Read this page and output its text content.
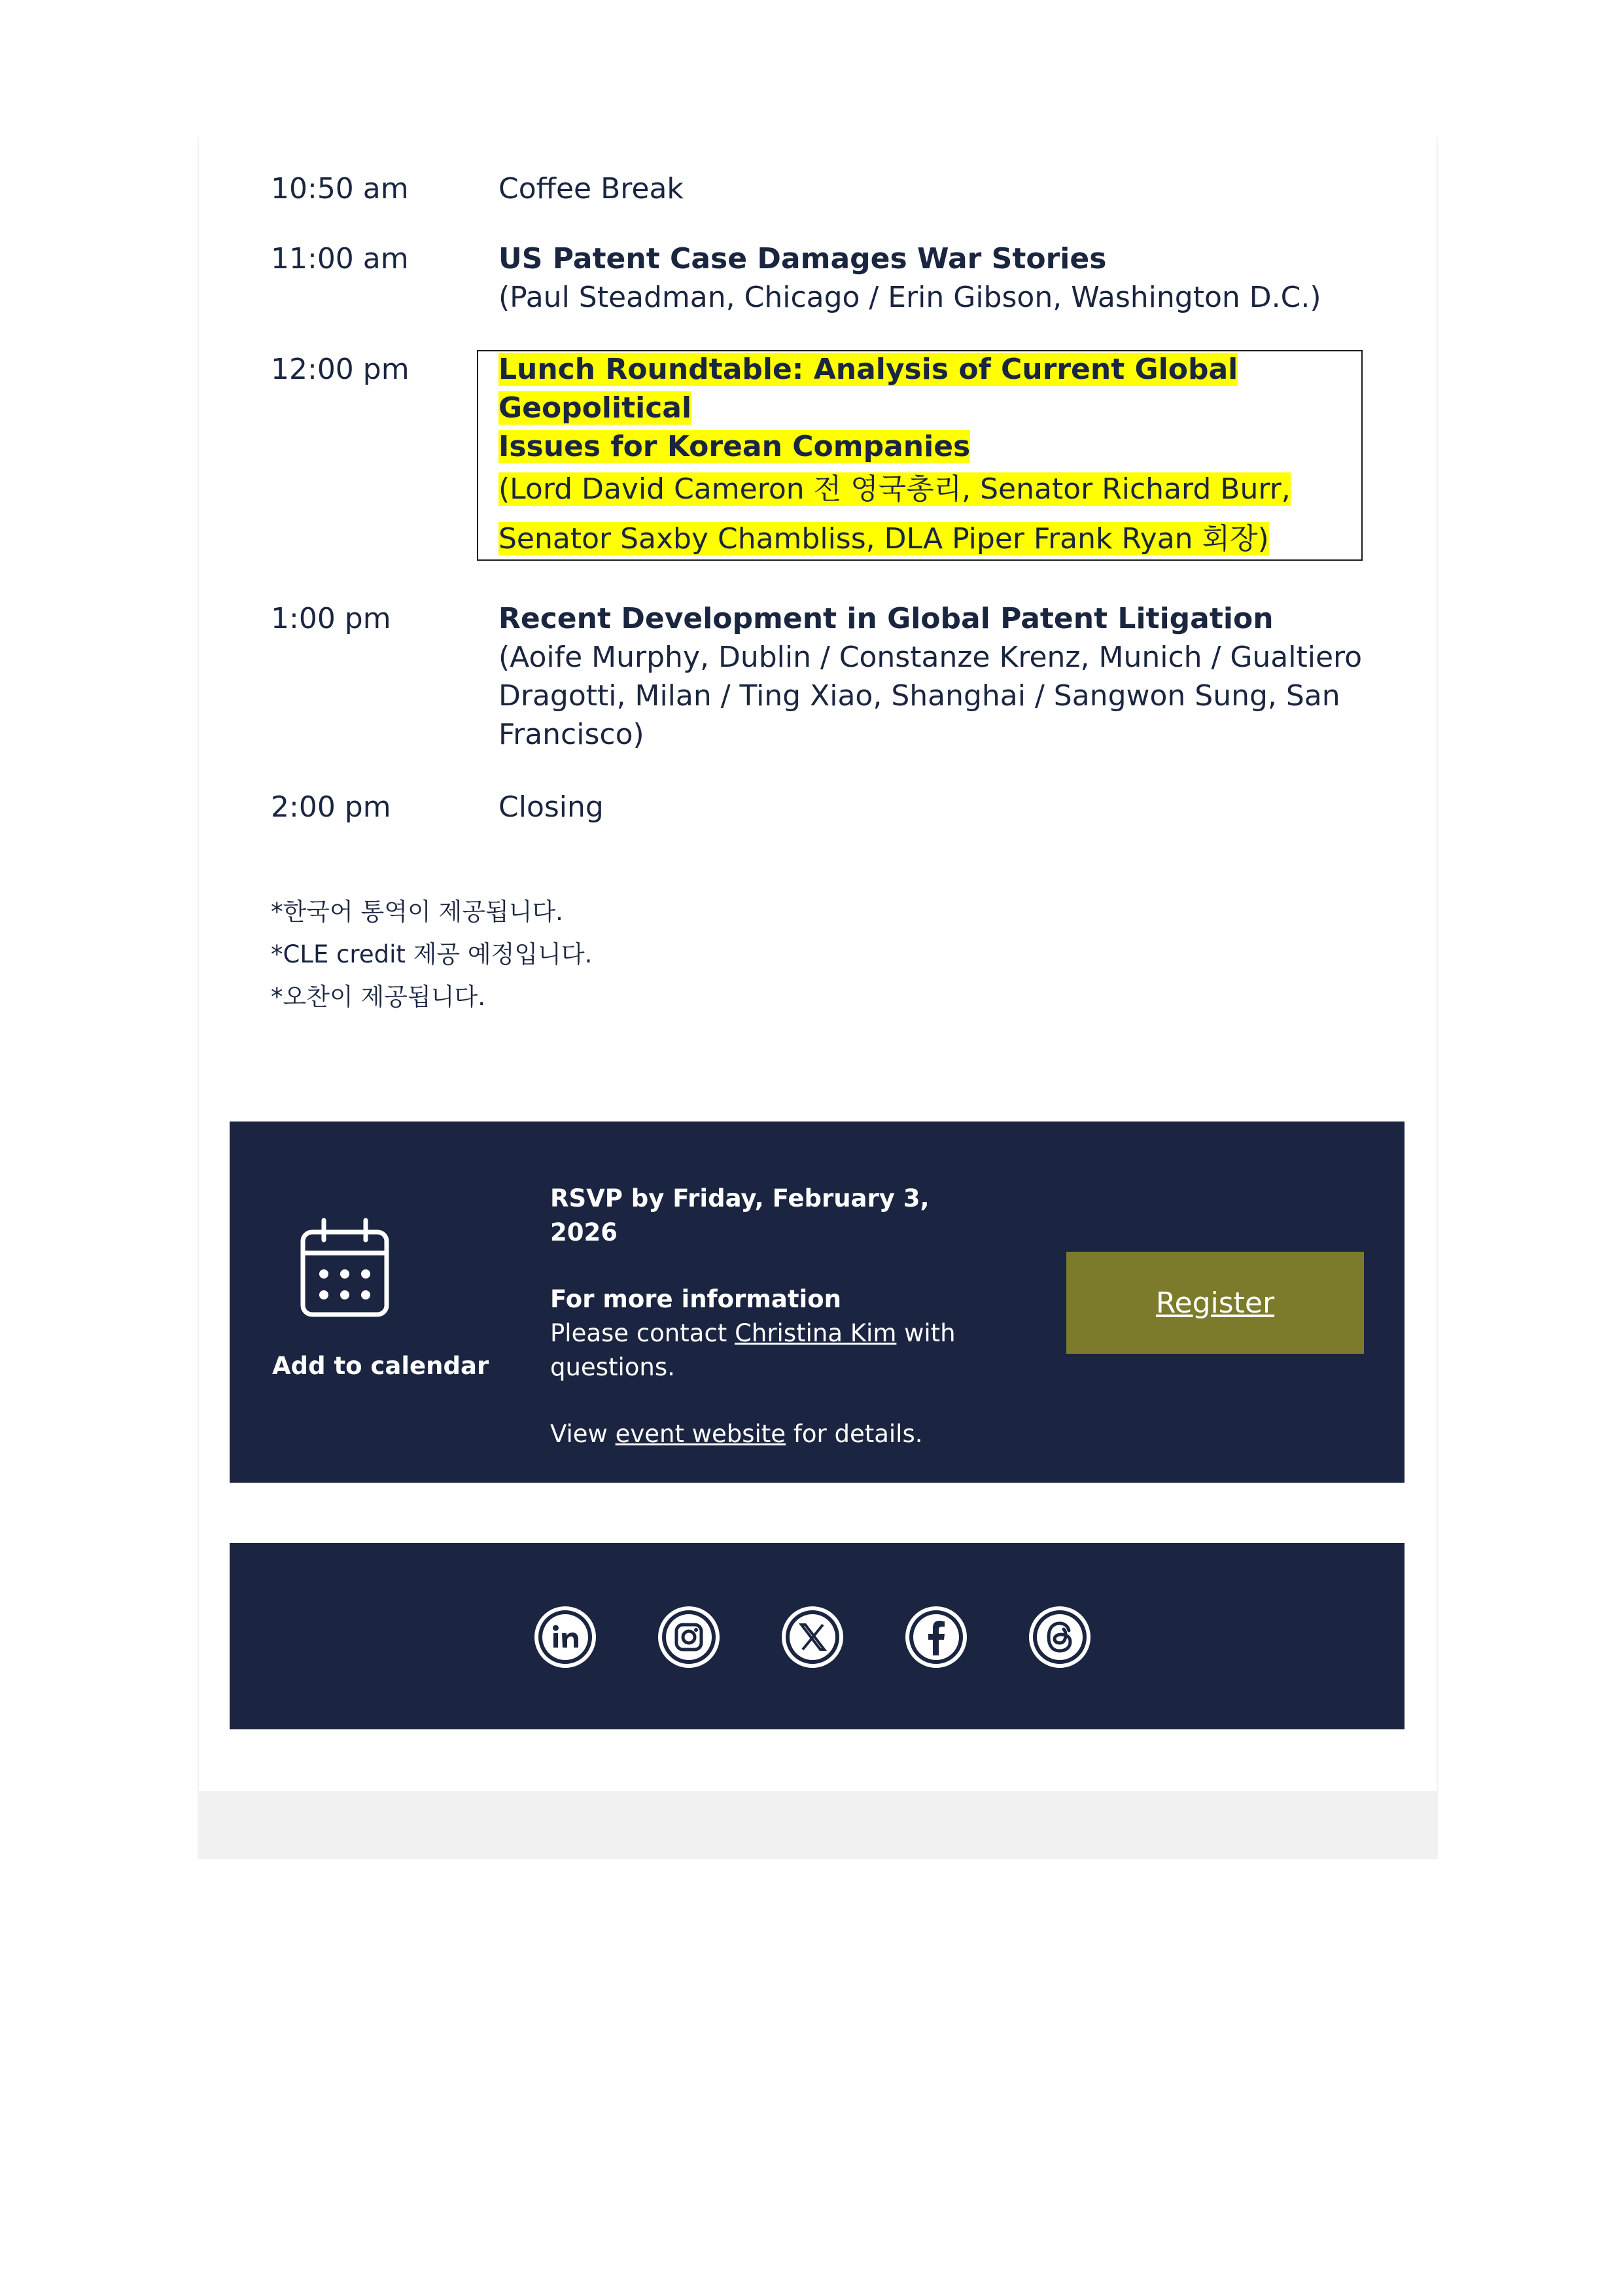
10:50 am	Coffee Break
11:00 am	US Patent Case Damages War Stories
(Paul Steadman, Chicago / Erin Gibson, Washington D.C.)
12:00 pm	Lunch Roundtable: Analysis of Current Global Geopolitical
Issues for Korean Companies
(Lord David Cameron 전 영국총리, Senator Richard Burr,
Senator Saxby Chambliss, DLA Piper Frank Ryan 회장)
1:00 pm	Recent Development in Global Patent Litigation
(Aoife Murphy, Dublin / Constanze Krenz, Munich / Gualtiero
Dragotti, Milan / Ting Xiao, Shanghai / Sangwon Sung, San
Francisco)
2:00 pm	Closing
*한국어 통역이 제공됩니다.
*CLE credit 제공 예정입니다.
*오찬이 제공됩니다.
Add to calendar

RSVP by Friday, February 3, 2026

For more information

Please contact Christina Kim with questions.

View event website for details.

Register
